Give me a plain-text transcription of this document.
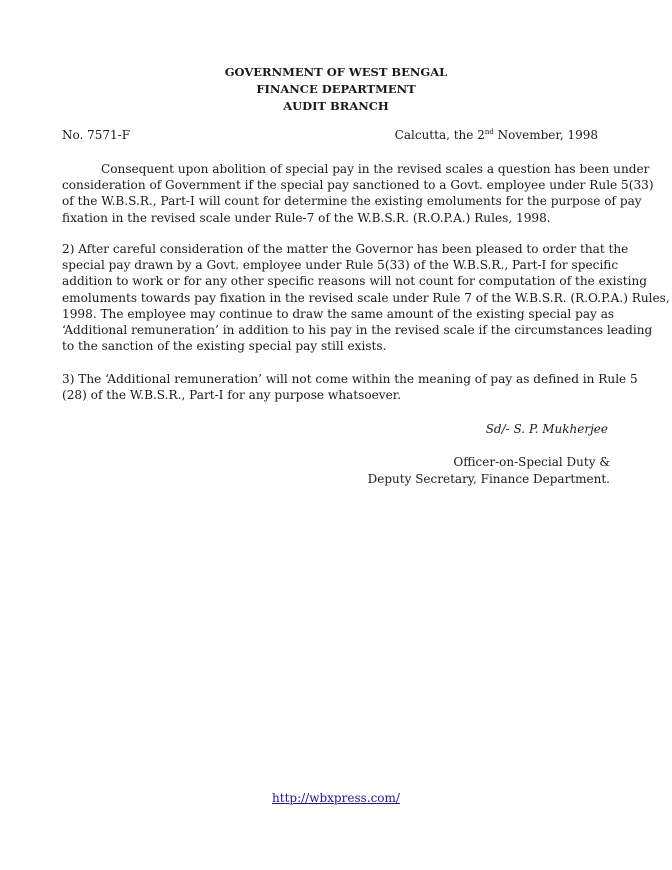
GOVERNMENT OF WEST BENGAL
FINANCE DEPARTMENT
AUDIT BRANCH
No. 7571-F	Calcutta, the 2nd November, 1998
Consequent upon abolition of special pay in the revised scales a question has been under
consideration of Government if the special pay sanctioned to a Govt. employee under Rule 5(33)
of the W.B.S.R., Part-I will count for determine the existing emoluments for the purpose of pay
fixation in the revised scale under Rule-7 of the W.B.S.R. (R.O.P.A.) Rules, 1998.
2) After careful consideration of the matter the Governor has been pleased to order that the
special pay drawn by a Govt. employee under Rule 5(33) of the W.B.S.R., Part-I for specific
addition to work or for any other specific reasons will not count for computation of the existing
emoluments towards pay fixation in the revised scale under Rule 7 of the W.B.S.R. (R.O.P.A.) Rules,
1998. The employee may continue to draw the same amount of the existing special pay as
‘Additional remuneration’ in addition to his pay in the revised scale if the circumstances leading
to the sanction of the existing special pay still exists.
3) The ‘Additional remuneration’ will not come within the meaning of pay as defined in Rule 5
(28) of the W.B.S.R., Part-I for any purpose whatsoever.
Sd/- S. P. Mukherjee
Officer-on-Special Duty &
Deputy Secretary, Finance Department.
http://wbxpress.com/
